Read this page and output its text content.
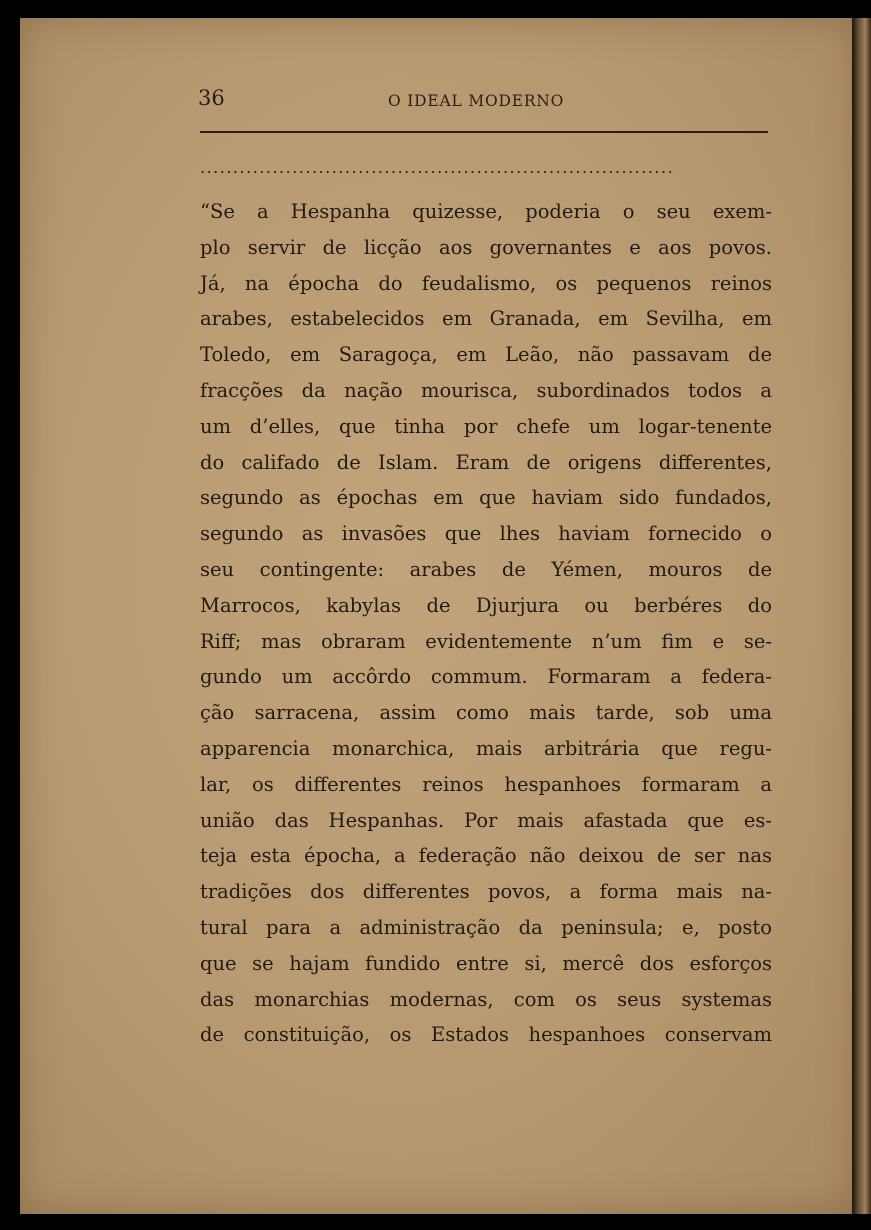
36	O IDEAL MODERNO
........................................................................
“Se a Hespanha quizesse, poderia o seu exem-
plo servir de licção aos governantes e aos povos.
Já, na épocha do feudalismo, os pequenos reinos
arabes, estabelecidos em Granada, em Sevilha, em
Toledo, em Saragoça, em Leão, não passavam de
fracções da nação mourisca, subordinados todos a
um d’elles, que tinha por chefe um logar-tenente
do califado de Islam. Eram de origens differentes,
segundo as épochas em que haviam sido fundados,
segundo as invasões que lhes haviam fornecido o
seu contingente: arabes de Yémen, mouros de
Marrocos, kabylas de Djurjura ou berbéres do
Riff; mas obraram evidentemente n’um fim e se-
gundo um accôrdo commum. Formaram a federa-
ção sarracena, assim como mais tarde, sob uma
apparencia monarchica, mais arbitrária que regu-
lar, os differentes reinos hespanhoes formaram a
união das Hespanhas. Por mais afastada que es-
teja esta épocha, a federação não deixou de ser nas
tradições dos differentes povos, a forma mais na-
tural para a administração da peninsula; e, posto
que se hajam fundido entre si, mercê dos esforços
das monarchias modernas, com os seus systemas
de constituição, os Estados hespanhoes conservam
